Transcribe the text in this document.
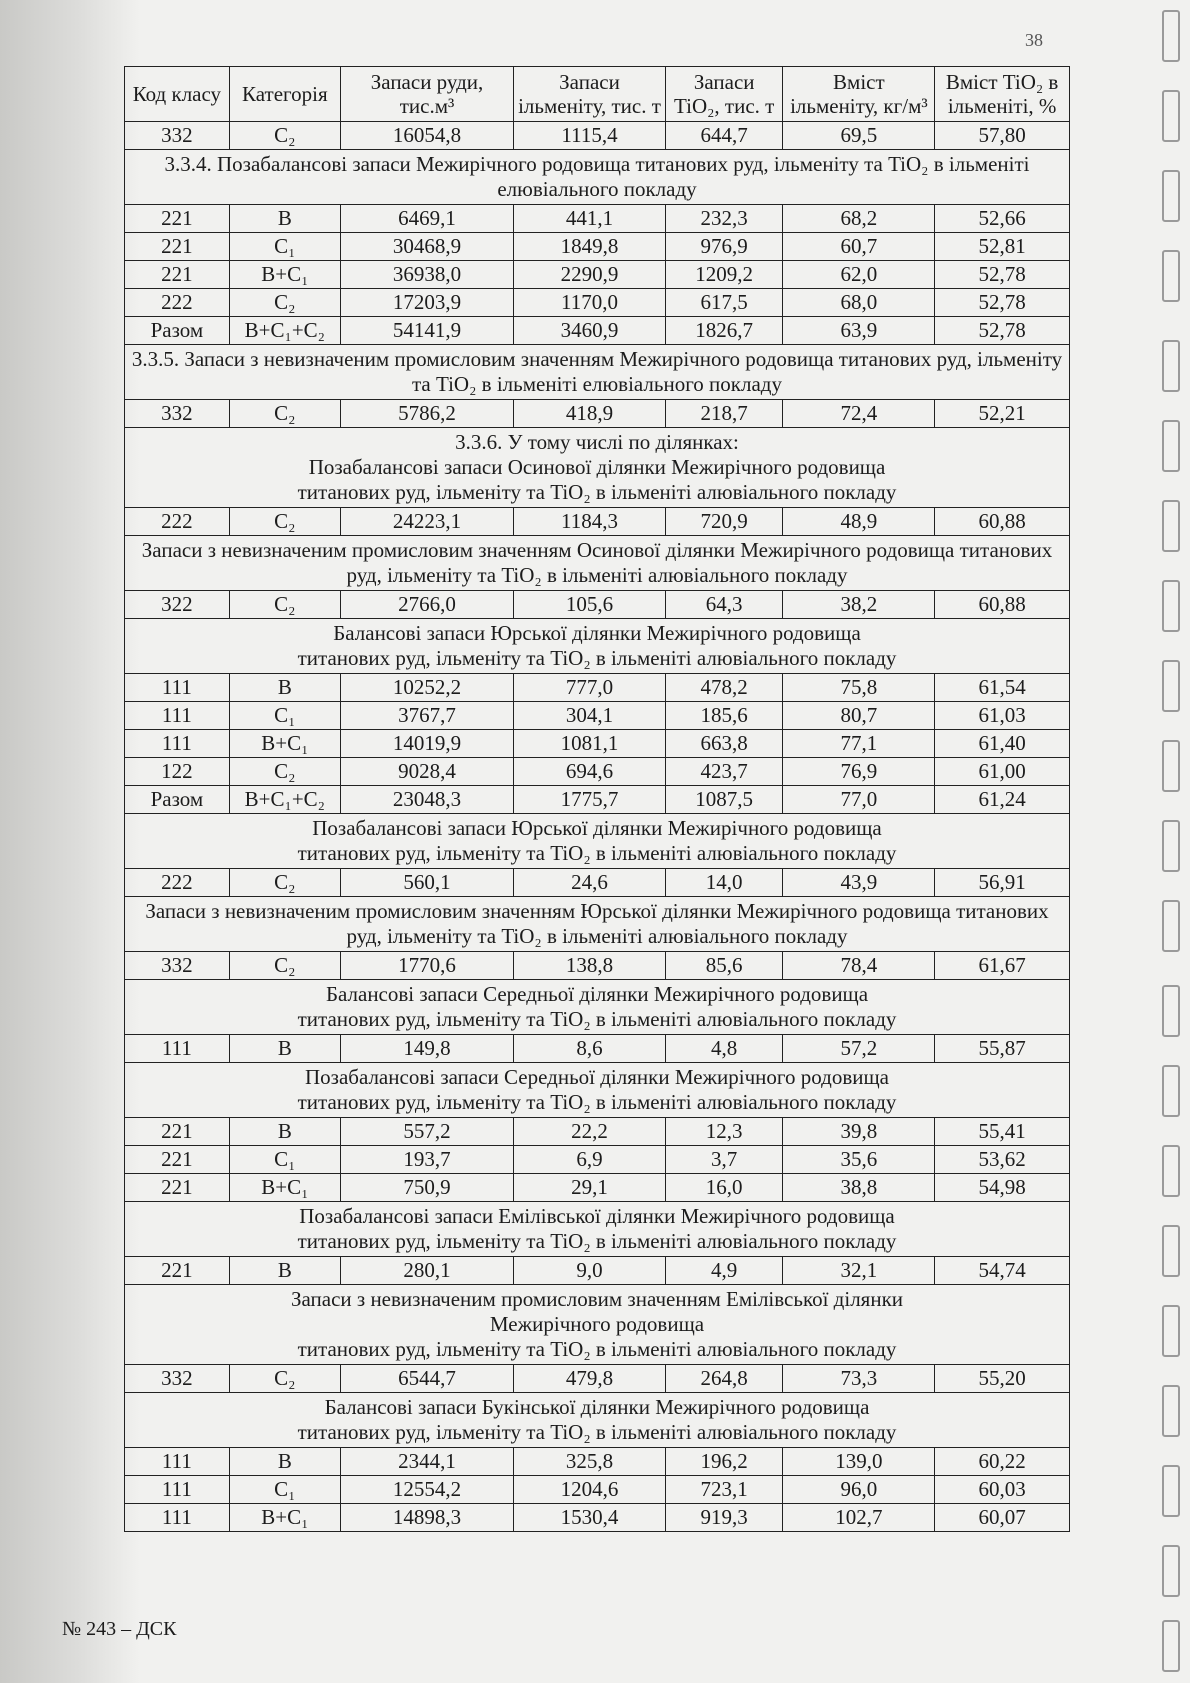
38
Код класу	Категорія	Запаси руди, тис.м³	Запаси ільменіту, тис. т	Запаси TiO₂, тис. т	Вміст ільменіту, кг/м³	Вміст TiO₂ в ільменіті, %
332	C₂	16054,8	1115,4	644,7	69,5	57,80
3.3.4. Позабалансові запаси Межирічного родовища титанових руд, ільменіту та TiO₂ в ільменіті елювіального покладу						
221	B	6469,1	441,1	232,3	68,2	52,66
221	C₁	30468,9	1849,8	976,9	60,7	52,81
221	B+C₁	36938,0	2290,9	1209,2	62,0	52,78
222	C₂	17203,9	1170,0	617,5	68,0	52,78
Разом	B+C₁+C₂	54141,9	3460,9	1826,7	63,9	52,78
3.3.5. Запаси з невизначеним промисловим значенням Межирічного родовища титанових руд, ільменіту та TiO₂ в ільменіті елювіального покладу						
332	C₂	5786,2	418,9	218,7	72,4	52,21
3.3.6. У тому числі по ділянках:
Позабалансові запаси Осинової ділянки Межирічного родовища
титанових руд, ільменіту та TiO₂ в ільменіті алювіального покладу						
222	C₂	24223,1	1184,3	720,9	48,9	60,88
Запаси з невизначеним промисловим значенням Осинової ділянки Межирічного родовища титанових руд, ільменіту та TiO₂ в ільменіті алювіального покладу						
322	C₂	2766,0	105,6	64,3	38,2	60,88
Балансові запаси Юрської ділянки Межирічного родовища
титанових руд, ільменіту та TiO₂ в ільменіті алювіального покладу						
111	B	10252,2	777,0	478,2	75,8	61,54
111	C₁	3767,7	304,1	185,6	80,7	61,03
111	B+C₁	14019,9	1081,1	663,8	77,1	61,40
122	C₂	9028,4	694,6	423,7	76,9	61,00
Разом	B+C₁+C₂	23048,3	1775,7	1087,5	77,0	61,24
Позабалансові запаси Юрської ділянки Межирічного родовища
титанових руд, ільменіту та TiO₂ в ільменіті алювіального покладу						
222	C₂	560,1	24,6	14,0	43,9	56,91
Запаси з невизначеним промисловим значенням Юрської ділянки Межирічного родовища титанових руд, ільменіту та TiO₂ в ільменіті алювіального покладу						
332	C₂	1770,6	138,8	85,6	78,4	61,67
Балансові запаси Середньої ділянки Межирічного родовища
титанових руд, ільменіту та TiO₂ в ільменіті алювіального покладу						
111	B	149,8	8,6	4,8	57,2	55,87
Позабалансові запаси Середньої ділянки Межирічного родовища
титанових руд, ільменіту та TiO₂ в ільменіті алювіального покладу						
221	B	557,2	22,2	12,3	39,8	55,41
221	C₁	193,7	6,9	3,7	35,6	53,62
221	B+C₁	750,9	29,1	16,0	38,8	54,98
Позабалансові запаси Емілівської ділянки Межирічного родовища
титанових руд, ільменіту та TiO₂ в ільменіті алювіального покладу						
221	B	280,1	9,0	4,9	32,1	54,74
Запаси з невизначеним промисловим значенням Емілівської ділянки
Межирічного родовища
титанових руд, ільменіту та TiO₂ в ільменіті алювіального покладу						
332	C₂	6544,7	479,8	264,8	73,3	55,20
Балансові запаси Букінської ділянки Межирічного родовища
титанових руд, ільменіту та TiO₂ в ільменіті алювіального покладу						
111	B	2344,1	325,8	196,2	139,0	60,22
111	C₁	12554,2	1204,6	723,1	96,0	60,03
111	B+C₁	14898,3	1530,4	919,3	102,7	60,07
№ 243 – ДСК
